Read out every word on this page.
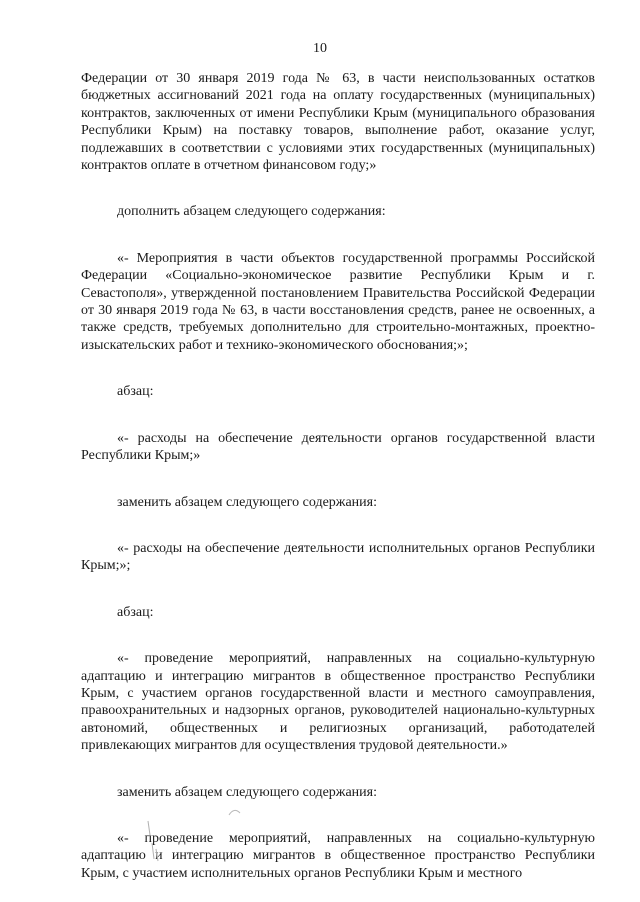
10

Федерации от 30 января 2019 года № 63, в части неиспользованных остатков бюджетных ассигнований 2021 года на оплату государственных (муниципальных) контрактов, заключенных от имени Республики Крым (муниципального образования Республики Крым) на поставку товаров, выполнение работ, оказание услуг, подлежавших в соответствии с условиями этих государственных (муниципальных) контрактов оплате в отчетном финансовом году;»

дополнить абзацем следующего содержания:

«- Мероприятия в части объектов государственной программы Российской Федерации «Социально-экономическое развитие Республики Крым и г. Севастополя», утвержденной постановлением Правительства Российской Федерации от 30 января 2019 года № 63, в части восстановления средств, ранее не освоенных, а также средств, требуемых дополнительно для строительно-монтажных, проектно-изыскательских работ и технико-экономического обоснования;»;

абзац:

«- расходы на обеспечение деятельности органов государственной власти Республики Крым;»

заменить абзацем следующего содержания:

«- расходы на обеспечение деятельности исполнительных органов Республики Крым;»;

абзац:

«- проведение мероприятий, направленных на социально-культурную адаптацию и интеграцию мигрантов в общественное пространство Республики Крым, с участием органов государственной власти и местного самоуправления, правоохранительных и надзорных органов, руководителей национально-культурных автономий, общественных и религиозных организаций, работодателей привлекающих мигрантов для осуществления трудовой деятельности.»

заменить абзацем следующего содержания:

«- проведение мероприятий, направленных на социально-культурную адаптацию и интеграцию мигрантов в общественное пространство Республики Крым, с участием исполнительных органов Республики Крым и местного
